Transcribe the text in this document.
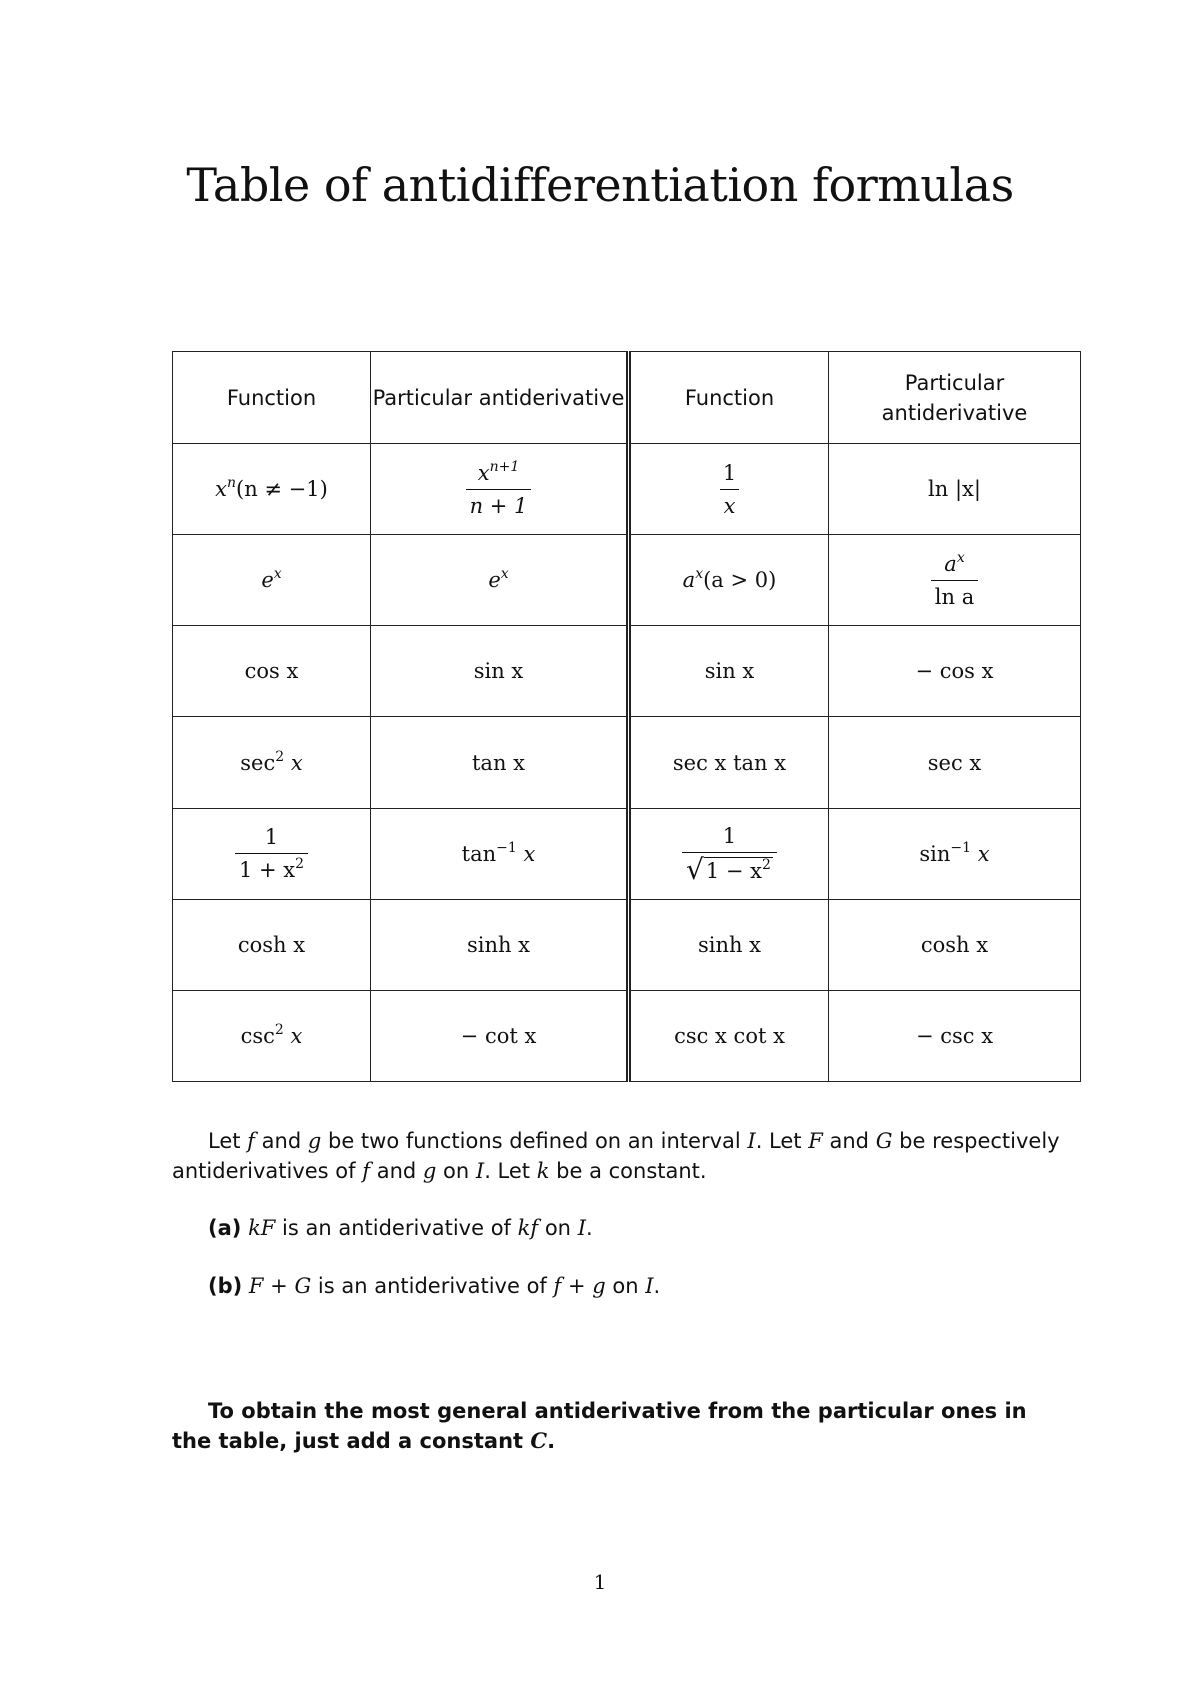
Table of antidifferentiation formulas
Function	Particular antiderivative	Function	Particular antiderivative
$x^n(n \ne -1)$	$\frac{x^{n+1}}{n + 1}$	$\frac{1}{x}$	ln |x|
$e^x$	$e^x$	$a^x(a > 0)$	$\frac{a^x}{\text{ln a}}$

cos x	sin x	sin x	− cos x
$\sec^2 x$	tan x	sec x tan x	sec x

$\frac{1}{1 + x^2}$	$\tan^{-1} x$	$\frac{1}{√ 1 - x^2}$	$\sin^{-1} x$
cosh x	sinh x	sinh x	cosh x
$\csc^2 x$	− cot x	csc x cot x	− csc x

Let f and g be two functions defined on an interval I. Let F and G be respectively antiderivatives of f and g on I. Let k be a constant.

(a) kF is an antiderivative of kf on I.

(b) F + G is an antiderivative of f + g on I.

To obtain the most general antiderivative from the particular ones in the table, just add a constant C.

1
